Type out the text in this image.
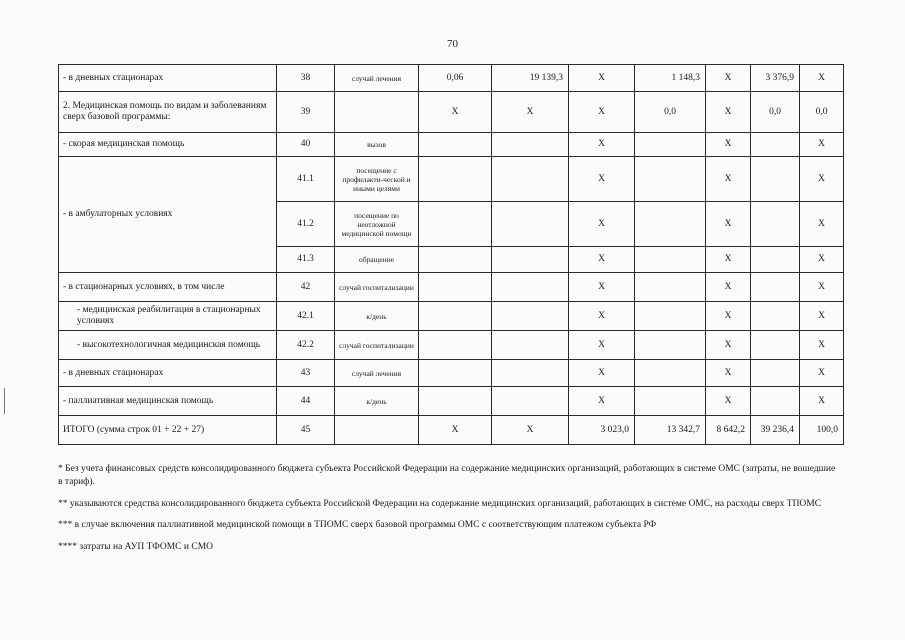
70
- в дневных стационарах	38	случай лечения	0,06	19 139,3	X	1 148,3	X	3 376,9	X
2. Медицинская помощь по видам и заболеваниям сверх базовой программы:	39		X	X	X	0,0	X	0,0	0,0
- скорая медицинская помощь	40	вызов			X		X		X
- в амбулаторных условиях	41.1	посещение с профилакти-ческой и иными целями			X		X		X
	41.2	посещение по неотложной медицинской помощи			X		X		X
	41.3	обращение			X		X		X
- в стационарных условиях, в том числе	42	случай госпитализации			X		X		X
- медицинская реабилитация в стационарных условиях	42.1	к/день			X		X		X
- высокотехнологичная медицинская помощь	42.2	случай госпитализации			X		X		X
- в дневных стационарах	43	случай лечения			X		X		X
- паллиативная медицинская помощь	44	к/день			X		X		X
ИТОГО (сумма строк 01 + 22 + 27)	45		X	X	3 023,0	13 342,7	8 642,2	39 236,4	100,0

* Без учета финансовых средств консолидированного бюджета субъекта Российской Федерации на содержание медицинских организаций, работающих в системе ОМС (затраты, не вошедшие в тариф).

** указываются средства консолидированного бюджета субъекта Российской Федерации на содержание медицинских организаций, работающих в системе ОМС, на расходы сверх ТПОМС

*** в случае включения паллиативной медицинской помощи в ТПОМС сверх базовой программы ОМС с соответствующим платежом субъекта РФ

**** затраты на АУП ТФОМС и СМО
